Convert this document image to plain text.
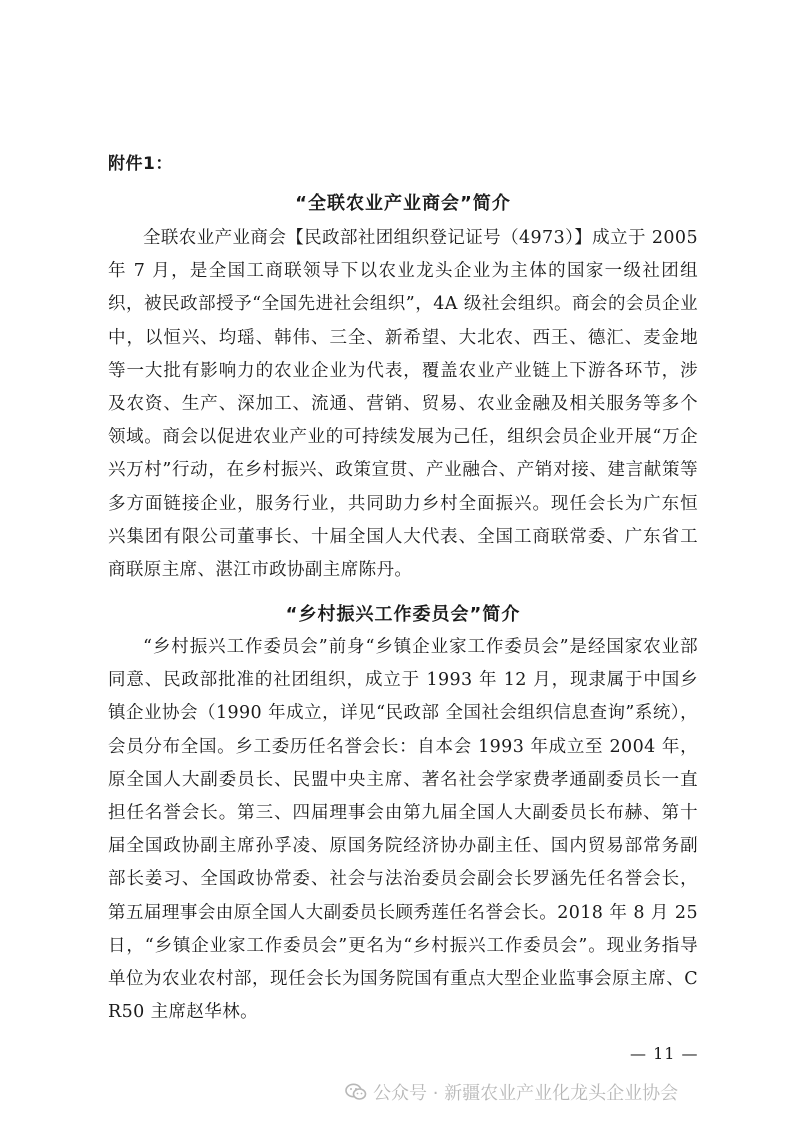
附件1：
“全联农业产业商会”简介

全联农业产业商会【民政部社团组织登记证号（4973）】成立于 2005 年 7 月，是全国工商联领导下以农业龙头企业为主体的国家一级社团组织，被民政部授予“全国先进社会组织”，4A 级社会组织。商会的会员企业中，以恒兴、均瑶、韩伟、三全、新希望、大北农、西王、德汇、麦金地等一大批有影响力的农业企业为代表，覆盖农业产业链上下游各环节，涉及农资、生产、深加工、流通、营销、贸易、农业金融及相关服务等多个领域。商会以促进农业产业的可持续发展为己任，组织会员企业开展“万企兴万村”行动，在乡村振兴、政策宣贯、产业融合、产销对接、建言献策等多方面链接企业，服务行业，共同助力乡村全面振兴。现任会长为广东恒兴集团有限公司董事长、十届全国人大代表、全国工商联常委、广东省工商联原主席、湛江市政协副主席陈丹。

“乡村振兴工作委员会”简介

“乡村振兴工作委员会”前身“乡镇企业家工作委员会”是经国家农业部同意、民政部批准的社团组织，成立于 1993 年 12 月，现隶属于中国乡镇企业协会（1990 年成立，详见“民政部 全国社会组织信息查询”系统），会员分布全国。乡工委历任名誉会长：自本会 1993 年成立至 2004 年，原全国人大副委员长、民盟中央主席、著名社会学家费孝通副委员长一直担任名誉会长。第三、四届理事会由第九届全国人大副委员长布赫、第十届全国政协副主席孙孚凌、原国务院经济协办副主任、国内贸易部常务副部长姜习、全国政协常委、社会与法治委员会副会长罗涵先任名誉会长，第五届理事会由原全国人大副委员长顾秀莲任名誉会长。2018 年 8 月 25 日，“乡镇企业家工作委员会”更名为“乡村振兴工作委员会”。现业务指导单位为农业农村部，现任会长为国务院国有重点大型企业监事会原主席、CR50 主席赵华林。

— 11 —
公众号 · 新疆农业产业化龙头企业协会
